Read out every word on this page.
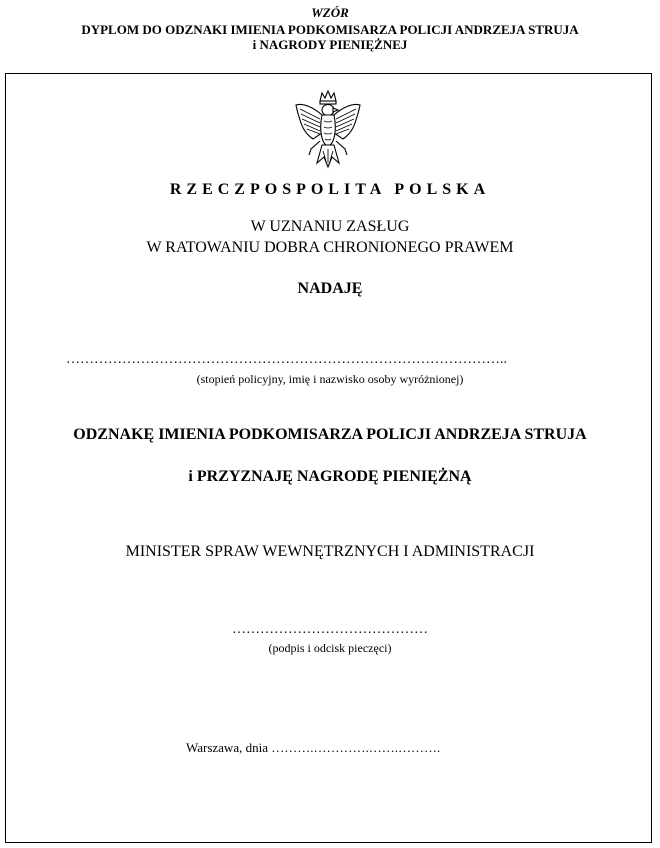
WZÓR
DYPLOM DO ODZNAKI IMIENIA PODKOMISARZA POLICJI ANDRZEJA STRUJA
i NAGRODY PIENIĘŻNEJ
RZECZPOSPOLITA POLSKA
W UZNANIU ZASŁUG
W RATOWANIU DOBRA CHRONIONEGO PRAWEM
NADAJĘ
…………………………………………………………………………………..
(stopień policyjny, imię i nazwisko osoby wyróżnionej)
ODZNAKĘ IMIENIA PODKOMISARZA POLICJI ANDRZEJA STRUJA
i PRZYZNAJĘ NAGRODĘ PIENIĘŻNĄ
MINISTER SPRAW WEWNĘTRZNYCH I ADMINISTRACJI
……………………………………
(podpis i odcisk pieczęci)
Warszawa, dnia ……….………….…….……….
